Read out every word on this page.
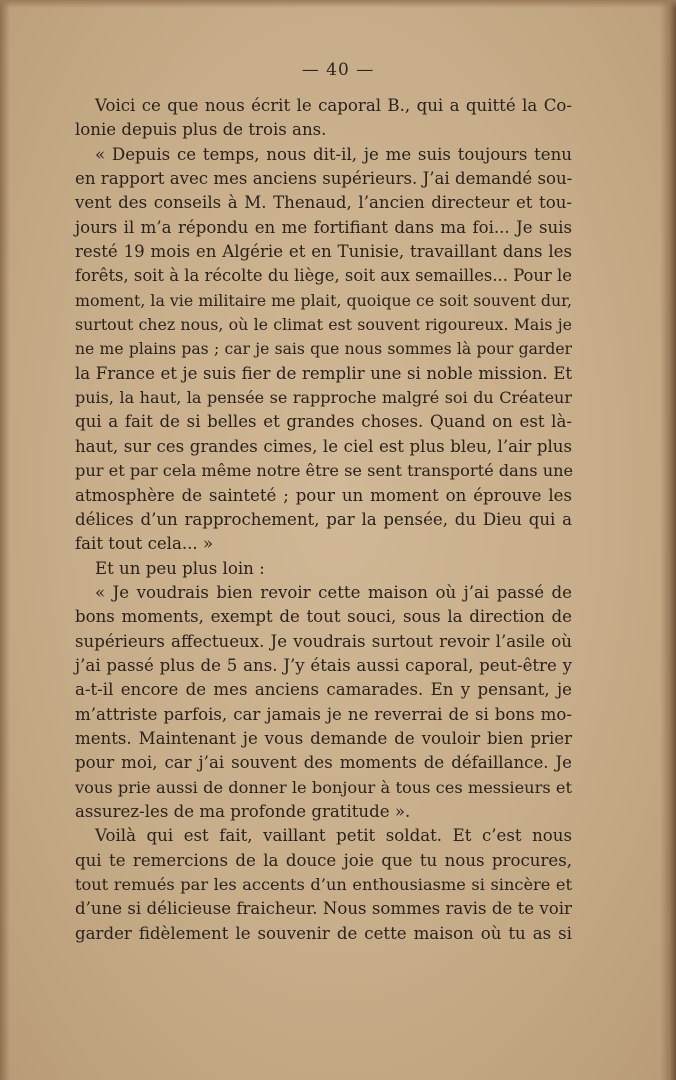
— 40 —
Voici ce que nous écrit le caporal B., qui a quitté la Co-
lonie depuis plus de trois ans.
« Depuis ce temps, nous dit-il, je me suis toujours tenu
en rapport avec mes anciens supérieurs. J’ai demandé sou-
vent des conseils à M. Thenaud, l’ancien directeur et tou-
jours il m’a répondu en me fortifiant dans ma foi... Je suis
resté 19 mois en Algérie et en Tunisie, travaillant dans les
forêts, soit à la récolte du liège, soit aux semailles... Pour le
moment, la vie militaire me plait, quoique ce soit souvent dur,
surtout chez nous, où le climat est souvent rigoureux. Mais je
ne me plains pas ; car je sais que nous sommes là pour garder
la France et je suis fier de remplir une si noble mission. Et
puis, la haut, la pensée se rapproche malgré soi du Créateur
qui a fait de si belles et grandes choses. Quand on est là-
haut, sur ces grandes cimes, le ciel est plus bleu, l’air plus
pur et par cela même notre être se sent transporté dans une
atmosphère de sainteté ; pour un moment on éprouve les
délices d’un rapprochement, par la pensée, du Dieu qui a
fait tout cela... »
Et un peu plus loin :
« Je voudrais bien revoir cette maison où j’ai passé de
bons moments, exempt de tout souci, sous la direction de
supérieurs affectueux. Je voudrais surtout revoir l’asile où
j’ai passé plus de 5 ans. J’y étais aussi caporal, peut-être y
a-t-il encore de mes anciens camarades. En y pensant, je
m’attriste parfois, car jamais je ne reverrai de si bons mo-
ments. Maintenant je vous demande de vouloir bien prier
pour moi, car j’ai souvent des moments de défaillance. Je
vous prie aussi de donner le bonjour à tous ces messieurs et
assurez-les de ma profonde gratitude ».
Voilà qui est fait, vaillant petit soldat. Et c’est nous
qui te remercions de la douce joie que tu nous procures,
tout remués par les accents d’un enthousiasme si sincère et
d’une si délicieuse fraicheur. Nous sommes ravis de te voir
garder fidèlement le souvenir de cette maison où tu as si
